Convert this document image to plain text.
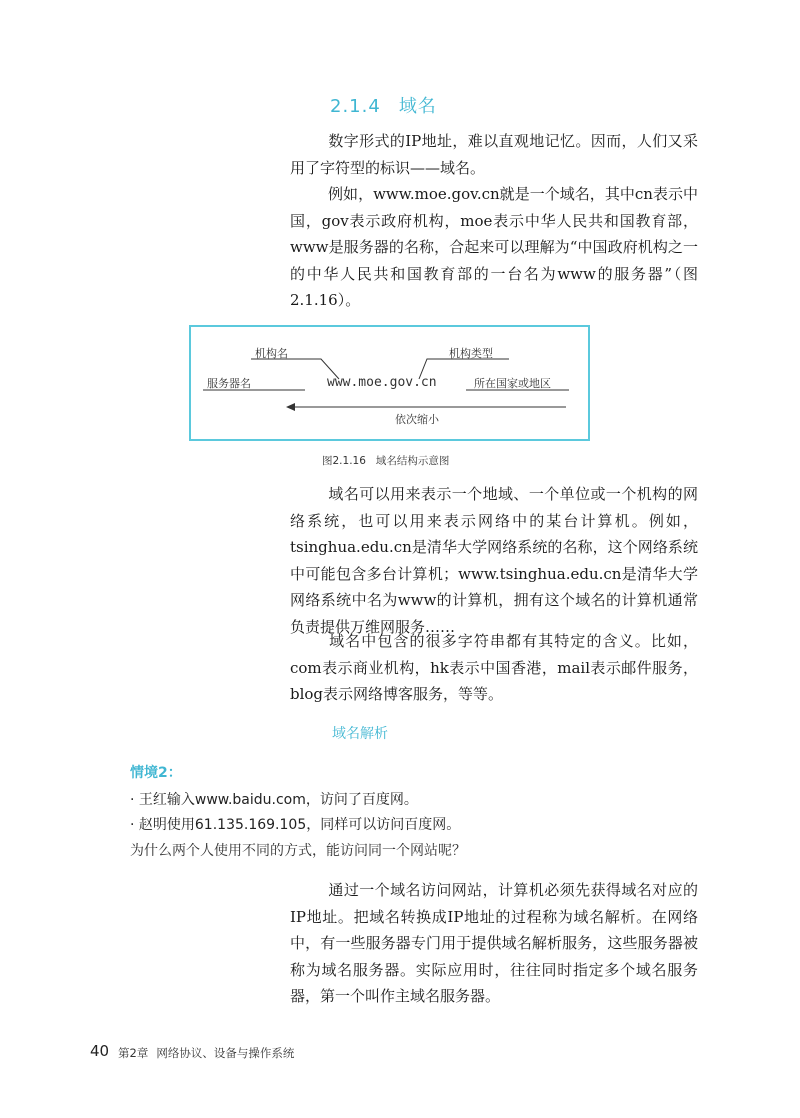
2.1.4 域名

数字形式的IP地址，难以直观地记忆。因而，人们又采用了字符型的标识——域名。

例如，www.moe.gov.cn就是一个域名，其中cn表示中国，gov表示政府机构，moe表示中华人民共和国教育部，www是服务器的名称，合起来可以理解为“中国政府机构之一的中华人民共和国教育部的一台名为www的服务器”（图2.1.16）。

机构名	机构类型
服务器名	www.moe.gov.cn	所在国家或地区
依次缩小
图2.1.16 域名结构示意图

域名可以用来表示一个地域、一个单位或一个机构的网络系统，也可以用来表示网络中的某台计算机。例如，tsinghua.edu.cn是清华大学网络系统的名称，这个网络系统中可能包含多台计算机；www.tsinghua.edu.cn是清华大学网络系统中名为www的计算机，拥有这个域名的计算机通常负责提供万维网服务……

域名中包含的很多字符串都有其特定的含义。比如，com表示商业机构，hk表示中国香港，mail表示邮件服务，blog表示网络博客服务，等等。

域名解析
情境2：
· 王红输入www.baidu.com，访问了百度网。
· 赵明使用61.135.169.105，同样可以访问百度网。
为什么两个人使用不同的方式，能访问同一个网站呢？

通过一个域名访问网站，计算机必须先获得域名对应的IP地址。把域名转换成IP地址的过程称为域名解析。在网络中，有一些服务器专门用于提供域名解析服务，这些服务器被称为域名服务器。实际应用时，往往同时指定多个域名服务器，第一个叫作主域名服务器。

40 第2章 网络协议、设备与操作系统
